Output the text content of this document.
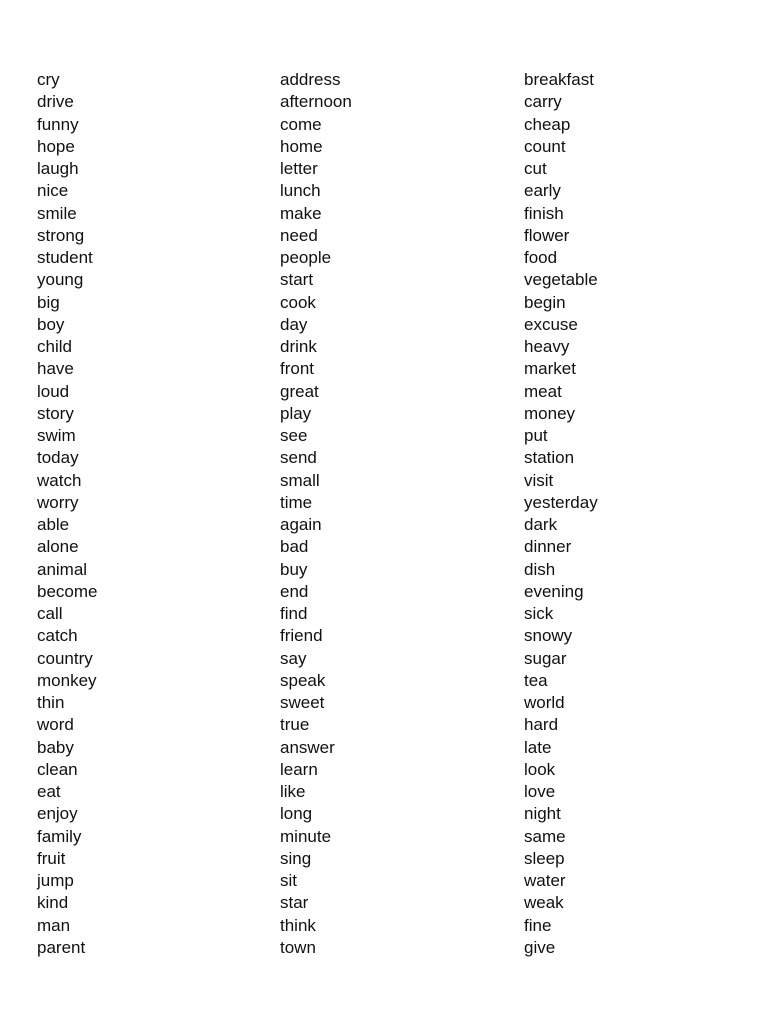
cry
drive
funny
hope
laugh
nice
smile
strong
student
young
big
boy
child
have
loud
story
swim
today
watch
worry
able
alone
animal
become
call
catch
country
monkey
thin
word
baby
clean
eat
enjoy
family
fruit
jump
kind
man
parent
address
afternoon
come
home
letter
lunch
make
need
people
start
cook
day
drink
front
great
play
see
send
small
time
again
bad
buy
end
find
friend
say
speak
sweet
true
answer
learn
like
long
minute
sing
sit
star
think
town
breakfast
carry
cheap
count
cut
early
finish
flower
food
vegetable
begin
excuse
heavy
market
meat
money
put
station
visit
yesterday
dark
dinner
dish
evening
sick
snowy
sugar
tea
world
hard
late
look
love
night
same
sleep
water
weak
fine
give
